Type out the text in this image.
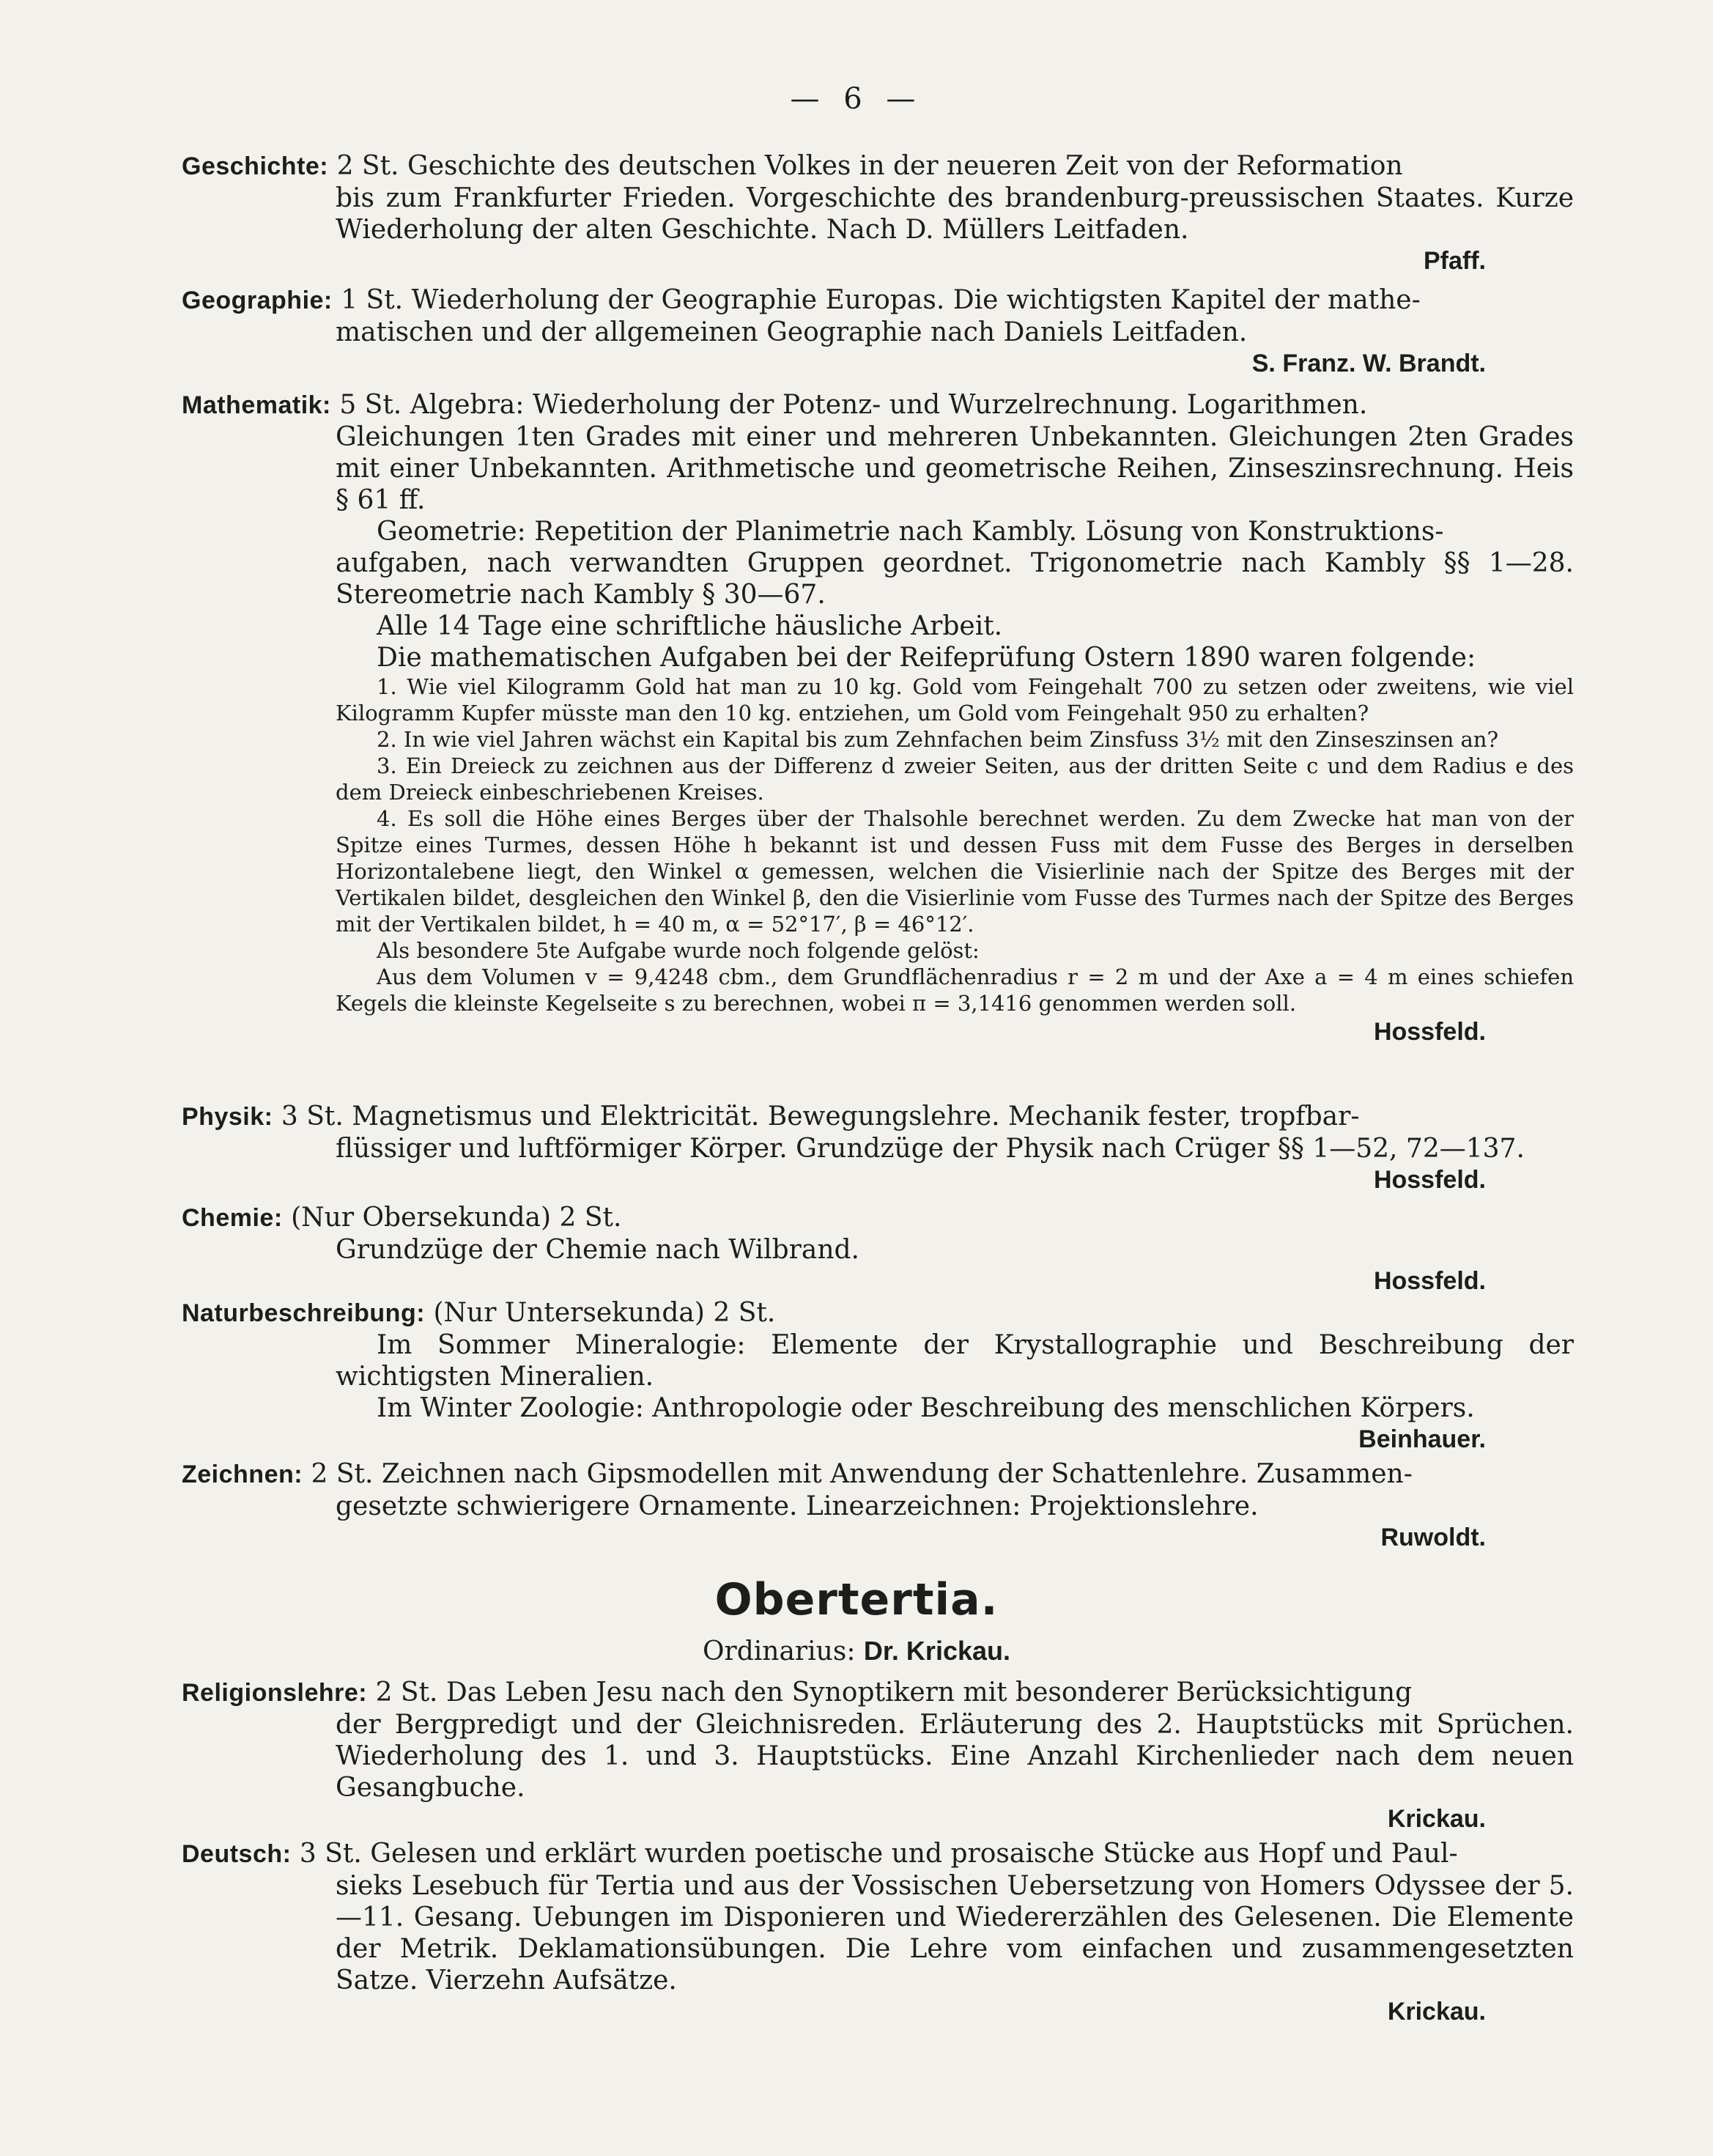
— 6 —

Geschichte: 2 St. Geschichte des deutschen Volkes in der neueren Zeit von der Reformation

bis zum Frankfurter Frieden. Vorgeschichte des brandenburg-preussischen Staates. Kurze Wiederholung der alten Geschichte. Nach D. Müllers Leitfaden.

Pfaff.

Geographie: 1 St. Wiederholung der Geographie Europas. Die wichtigsten Kapitel der mathe-

matischen und der allgemeinen Geographie nach Daniels Leitfaden.

S. Franz. W. Brandt.

Mathematik: 5 St. Algebra: Wiederholung der Potenz- und Wurzelrechnung. Logarithmen.

Gleichungen 1ten Grades mit einer und mehreren Unbekannten. Gleichungen 2ten Grades mit einer Unbekannten. Arithmetische und geometrische Reihen, Zinseszinsrechnung. Heis § 61 ff.

Geometrie: Repetition der Planimetrie nach Kambly. Lösung von Konstruktions-

aufgaben, nach verwandten Gruppen geordnet. Trigonometrie nach Kambly §§ 1—28. Stereometrie nach Kambly § 30—67.

Alle 14 Tage eine schriftliche häusliche Arbeit.

Die mathematischen Aufgaben bei der Reifeprüfung Ostern 1890 waren folgende:

1. Wie viel Kilogramm Gold hat man zu 10 kg. Gold vom Feingehalt 700 zu setzen oder zweitens, wie viel Kilogramm Kupfer müsste man den 10 kg. entziehen, um Gold vom Feingehalt 950 zu erhalten?

2. In wie viel Jahren wächst ein Kapital bis zum Zehnfachen beim Zinsfuss 3½ mit den Zinseszinsen an?

3. Ein Dreieck zu zeichnen aus der Differenz d zweier Seiten, aus der dritten Seite c und dem Radius e des dem Dreieck einbeschriebenen Kreises.

4. Es soll die Höhe eines Berges über der Thalsohle berechnet werden. Zu dem Zwecke hat man von der Spitze eines Turmes, dessen Höhe h bekannt ist und dessen Fuss mit dem Fusse des Berges in derselben Horizontalebene liegt, den Winkel α gemessen, welchen die Visierlinie nach der Spitze des Berges mit der Vertikalen bildet, desgleichen den Winkel β, den die Visierlinie vom Fusse des Turmes nach der Spitze des Berges mit der Vertikalen bildet, h = 40 m, α = 52°17′, β = 46°12′.

Als besondere 5te Aufgabe wurde noch folgende gelöst:

Aus dem Volumen v = 9,4248 cbm., dem Grundflächenradius r = 2 m und der Axe a = 4 m eines schiefen Kegels die kleinste Kegelseite s zu berechnen, wobei π = 3,1416 genommen werden soll.

Hossfeld.

Physik: 3 St. Magnetismus und Elektricität. Bewegungslehre. Mechanik fester, tropfbar-

flüssiger und luftförmiger Körper. Grundzüge der Physik nach Crüger §§ 1—52, 72—137.

Hossfeld.

Chemie: (Nur Obersekunda) 2 St.

Grundzüge der Chemie nach Wilbrand.

Hossfeld.

Naturbeschreibung: (Nur Untersekunda) 2 St.

Im Sommer Mineralogie: Elemente der Krystallographie und Beschreibung der wichtigsten Mineralien.

Im Winter Zoologie: Anthropologie oder Beschreibung des menschlichen Körpers.

Beinhauer.

Zeichnen: 2 St. Zeichnen nach Gipsmodellen mit Anwendung der Schattenlehre. Zusammen-

gesetzte schwierigere Ornamente. Linearzeichnen: Projektionslehre.

Ruwoldt.

Obertertia.
Ordinarius: Dr. Krickau.

Religionslehre: 2 St. Das Leben Jesu nach den Synoptikern mit besonderer Berücksichtigung

der Bergpredigt und der Gleichnisreden. Erläuterung des 2. Hauptstücks mit Sprüchen. Wiederholung des 1. und 3. Hauptstücks. Eine Anzahl Kirchenlieder nach dem neuen Gesangbuche.

Krickau.

Deutsch: 3 St. Gelesen und erklärt wurden poetische und prosaische Stücke aus Hopf und Paul-

sieks Lesebuch für Tertia und aus der Vossischen Uebersetzung von Homers Odyssee der 5.—11. Gesang. Uebungen im Disponieren und Wiedererzählen des Gelesenen. Die Elemente der Metrik. Deklamationsübungen. Die Lehre vom einfachen und zusammengesetzten Satze. Vierzehn Aufsätze.

Krickau.
